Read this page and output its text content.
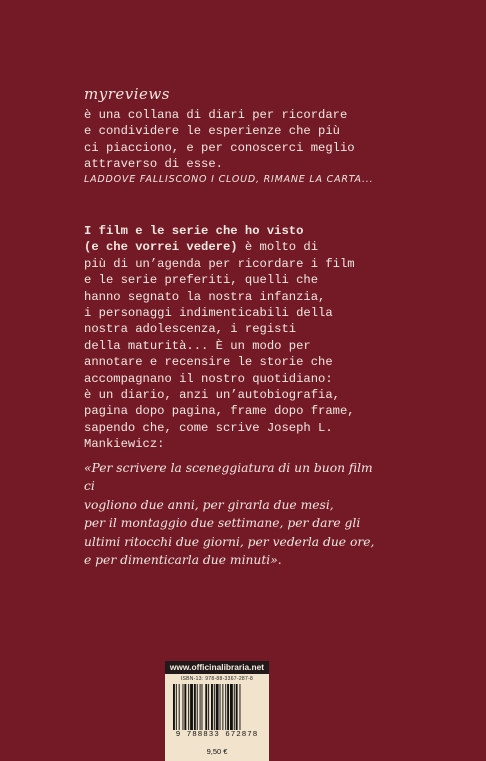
myreviews

è una collana di diari per ricordare
e condividere le esperienze che più
ci piacciono, e per conoscerci meglio
attraverso di esse.

LADDOVE FALLISCONO I CLOUD, RIMANE LA CARTA...

I film e le serie che ho visto
(e che vorrei vedere) è molto di
più di un’agenda per ricordare i film
e le serie preferiti, quelli che
hanno segnato la nostra infanzia,
i personaggi indimenticabili della
nostra adolescenza, i registi
della maturità... È un modo per
annotare e recensire le storie che
accompagnano il nostro quotidiano:
è un diario, anzi un’autobiografia,
pagina dopo pagina, frame dopo frame,
sapendo che, come scrive Joseph L.
Mankiewicz:

«Per scrivere la sceneggiatura di un buon film ci
vogliono due anni, per girarla due mesi,
per il montaggio due settimane, per dare gli
ultimi ritocchi due giorni, per vederla due ore,
e per dimenticarla due minuti».

www.officinalibraria.net
ISBN-13: 978-88-3367-287-8
9 788833 672878
9,50 €
